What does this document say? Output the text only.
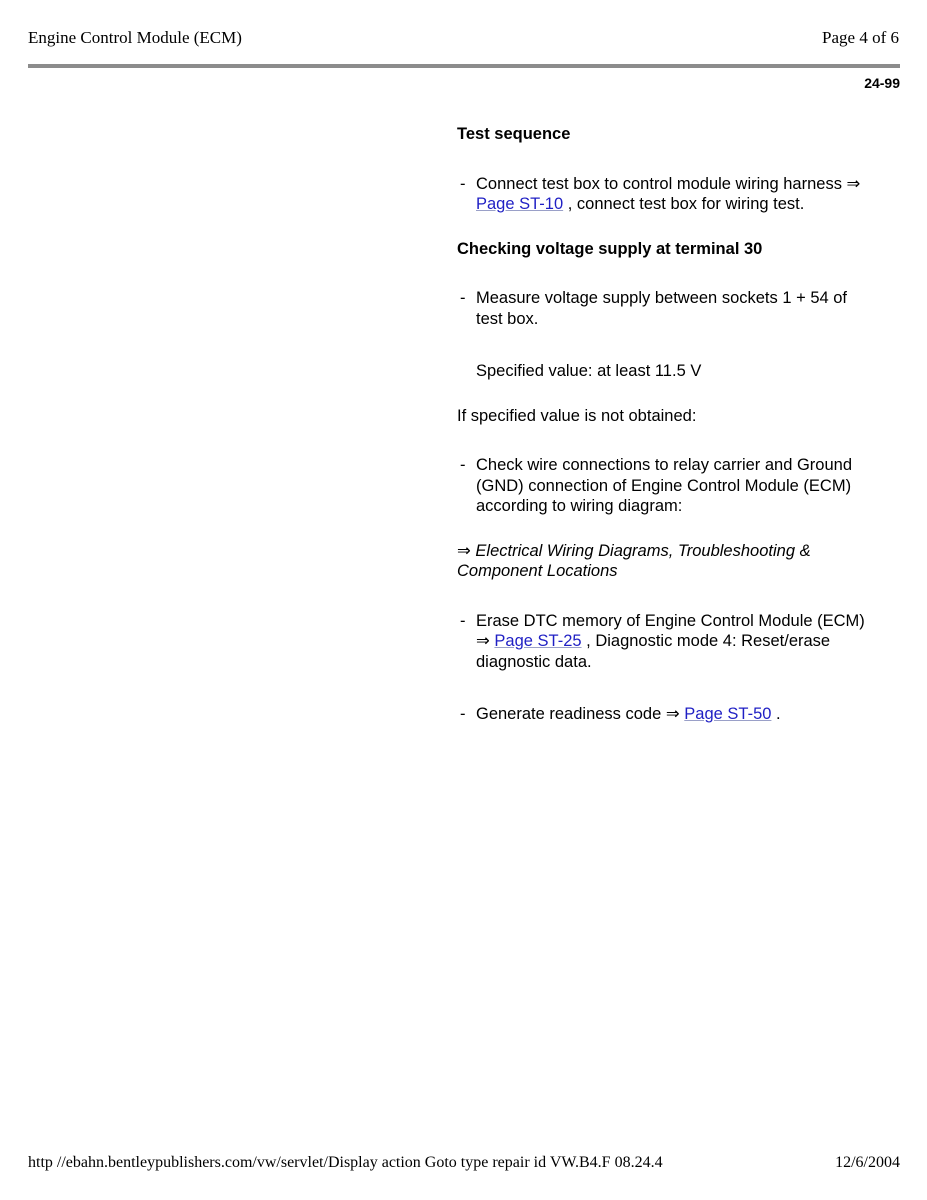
Engine Control Module (ECM)	Page 4 of 6
24-99

Test sequence

- Connect test box to control module wiring harness ⇒ Page ST-10 , connect test box for wiring test.

Checking voltage supply at terminal 30

- Measure voltage supply between sockets 1 + 54 of test box.

Specified value: at least 11.5 V

If specified value is not obtained:

- Check wire connections to relay carrier and Ground (GND) connection of Engine Control Module (ECM) according to wiring diagram:

⇒ Electrical Wiring Diagrams, Troubleshooting & Component Locations

- Erase DTC memory of Engine Control Module (ECM) ⇒ Page ST-25 , Diagnostic mode 4: Reset/erase diagnostic data.
- Generate readiness code ⇒ Page ST-50 .
http //ebahn.bentleypublishers.com/vw/servlet/Display action Goto type repair id VW.B4.F 08.24.4	12/6/2004
